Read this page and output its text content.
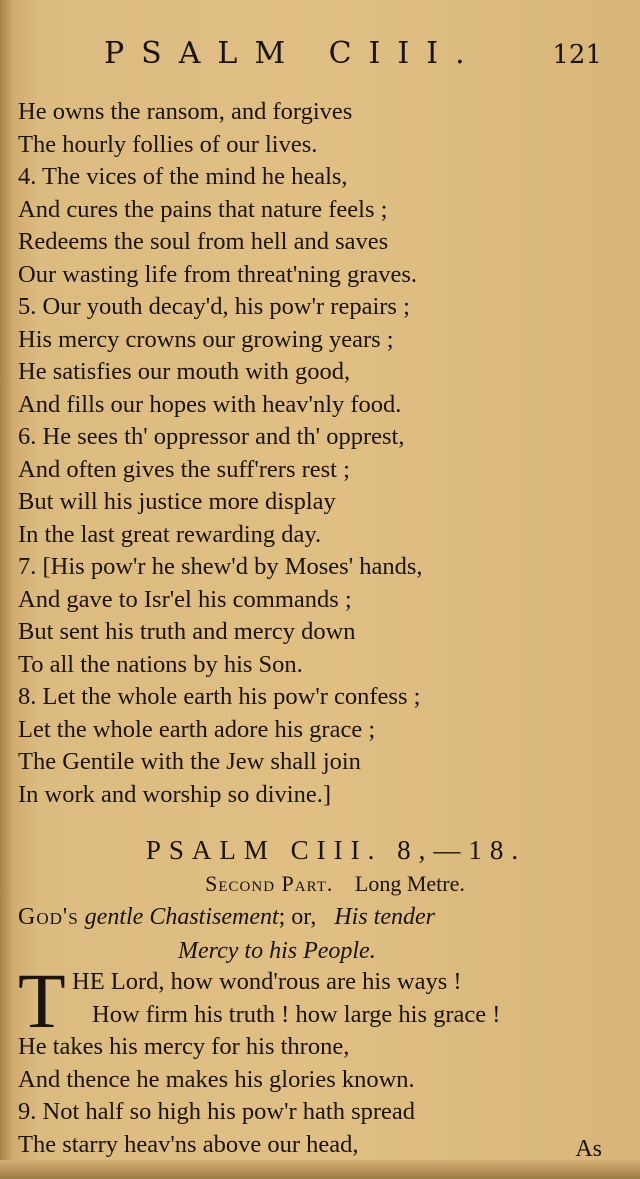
PSALM CIII.	121
He owns the ransom, and forgives
The hourly follies of our lives.
4. The vices of the mind he heals,
And cures the pains that nature feels ;
Redeems the soul from hell and saves
Our wasting life from threat'ning graves.
5. Our youth decay'd, his pow'r repairs ;
His mercy crowns our growing years ;
He satisfies our mouth with good,
And fills our hopes with heav'nly food.
6. He sees th' oppressor and th' opprest,
And often gives the suff'rers rest ;
But will his justice more display
In the last great rewarding day.
7. [His pow'r he shew'd by Moses' hands,
And gave to Isr'el his commands ;
But sent his truth and mercy down
To all the nations by his Son.
8. Let the whole earth his pow'r confess ;
Let the whole earth adore his grace ;
The Gentile with the Jew shall join
In work and worship so divine.]
PSALM CIII. 8,—18.
Second Part. Long Metre.
God's gentle Chastisement; or, His tender
Mercy to his People.
T HE Lord, how wond'rous are his ways !
How firm his truth ! how large his grace !
He takes his mercy for his throne,
And thence he makes his glories known.
9. Not half so high his pow'r hath spread
The starry heav'ns above our head,	As
